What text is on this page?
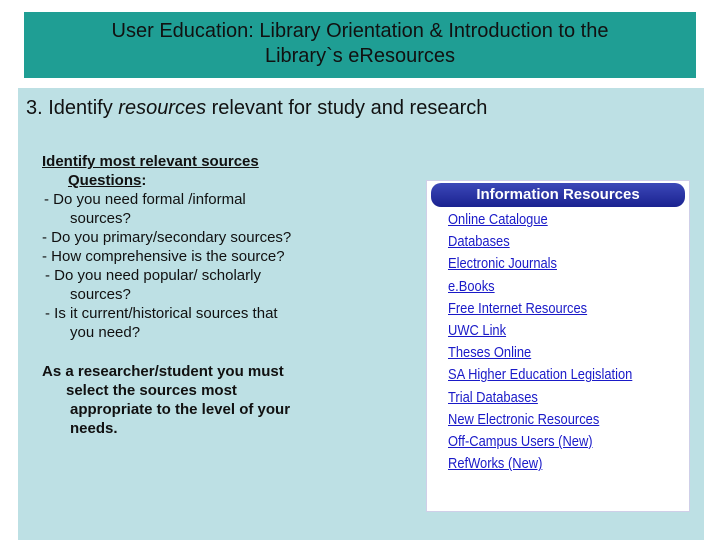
User Education: Library Orientation & Introduction to the
Library`s eResources
3. Identify resources relevant for study and research
Identify most relevant sources
Questions:
- Do you need formal /informal
sources?
- Do you primary/secondary sources?
- How comprehensive is the source?
- Do you need popular/ scholarly
sources?
- Is it current/historical sources that
you need?
As a researcher/student you must
select the sources most
appropriate to the level of your
needs.
Information Resources
Online Catalogue
Databases
Electronic Journals
e.Books
Free Internet Resources
UWC Link
Theses Online
SA Higher Education Legislation
Trial Databases
New Electronic Resources
Off-Campus Users (New)
RefWorks (New)
